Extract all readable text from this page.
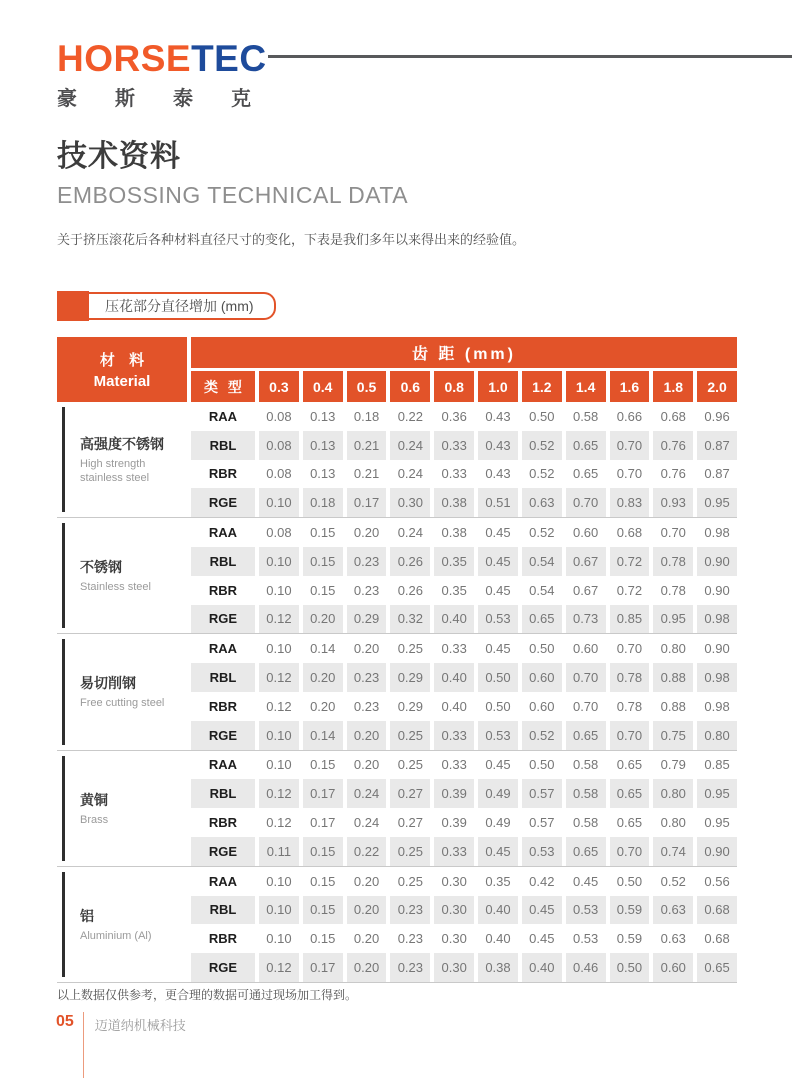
HORSETEC
豪 斯 泰 克
技术资料
EMBOSSING TECHNICAL DATA
关于挤压滚花后各种材料直径尺寸的变化，下表是我们多年以来得出来的经验值。
压花部分直径增加 (mm)
材 料
Material
齿 距 (mm)
类 型	0.3	0.4	0.5	0.6	0.8	1.0	1.2	1.4	1.6	1.8	2.0
高强度不锈钢
High strength stainless steel
RAA	0.08	0.13	0.18	0.22	0.36	0.43	0.50	0.58	0.66	0.68	0.96
RBL	0.08	0.13	0.21	0.24	0.33	0.43	0.52	0.65	0.70	0.76	0.87
RBR	0.08	0.13	0.21	0.24	0.33	0.43	0.52	0.65	0.70	0.76	0.87
RGE	0.10	0.18	0.17	0.30	0.38	0.51	0.63	0.70	0.83	0.93	0.95
不锈钢
Stainless steel
RAA	0.08	0.15	0.20	0.24	0.38	0.45	0.52	0.60	0.68	0.70	0.98
RBL	0.10	0.15	0.23	0.26	0.35	0.45	0.54	0.67	0.72	0.78	0.90
RBR	0.10	0.15	0.23	0.26	0.35	0.45	0.54	0.67	0.72	0.78	0.90
RGE	0.12	0.20	0.29	0.32	0.40	0.53	0.65	0.73	0.85	0.95	0.98
易切削钢
Free cutting steel
RAA	0.10	0.14	0.20	0.25	0.33	0.45	0.50	0.60	0.70	0.80	0.90
RBL	0.12	0.20	0.23	0.29	0.40	0.50	0.60	0.70	0.78	0.88	0.98
RBR	0.12	0.20	0.23	0.29	0.40	0.50	0.60	0.70	0.78	0.88	0.98
RGE	0.10	0.14	0.20	0.25	0.33	0.53	0.52	0.65	0.70	0.75	0.80
黄铜
Brass
RAA	0.10	0.15	0.20	0.25	0.33	0.45	0.50	0.58	0.65	0.79	0.85
RBL	0.12	0.17	0.24	0.27	0.39	0.49	0.57	0.58	0.65	0.80	0.95
RBR	0.12	0.17	0.24	0.27	0.39	0.49	0.57	0.58	0.65	0.80	0.95
RGE	0.11	0.15	0.22	0.25	0.33	0.45	0.53	0.65	0.70	0.74	0.90
铝
Aluminium (Al)
RAA	0.10	0.15	0.20	0.25	0.30	0.35	0.42	0.45	0.50	0.52	0.56
RBL	0.10	0.15	0.20	0.23	0.30	0.40	0.45	0.53	0.59	0.63	0.68
RBR	0.10	0.15	0.20	0.23	0.30	0.40	0.45	0.53	0.59	0.63	0.68
RGE	0.12	0.17	0.20	0.23	0.30	0.38	0.40	0.46	0.50	0.60	0.65
以上数据仅供参考，更合理的数据可通过现场加工得到。
05 迈道纳机械科技
